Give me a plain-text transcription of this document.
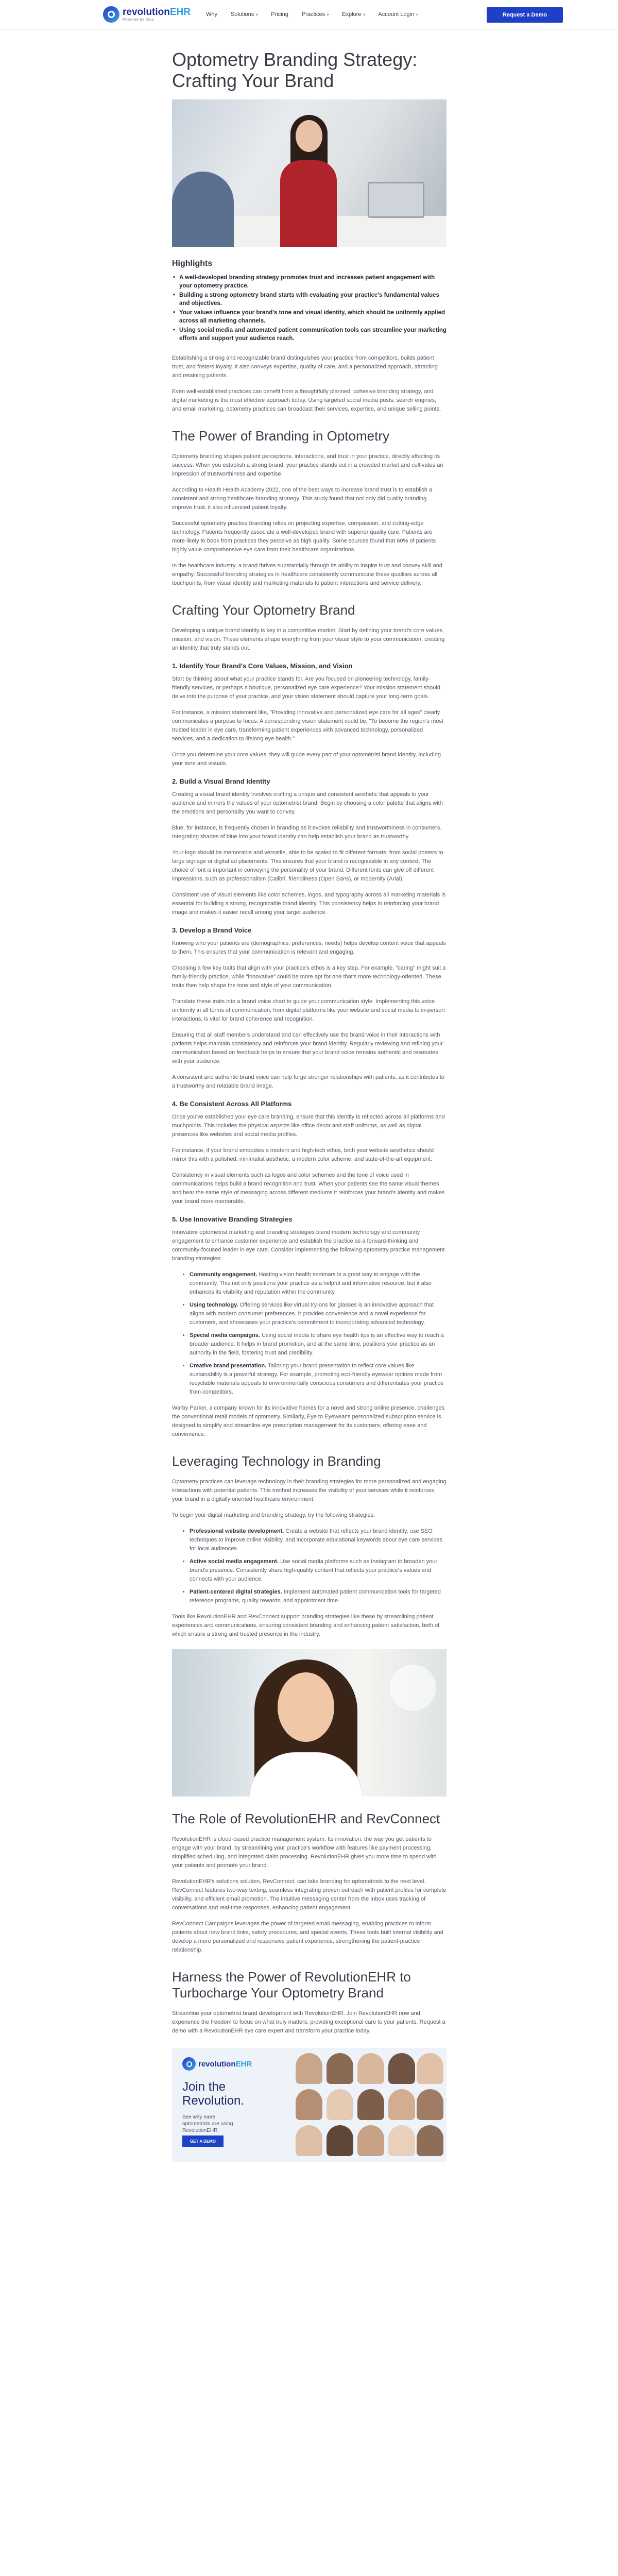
revolutionEHR
Powered by Data
Why Solutions ▾ Pricing Practices ▾ Explore ▾ Account Login ▾	Request a Demo
Optometry Branding Strategy: Crafting Your Brand
Highlights
• A well-developed branding strategy promotes trust and increases patient engagement with your optometry practice.
• Building a strong optometry brand starts with evaluating your practice's fundamental values and objectives.
• Your values influence your brand's tone and visual identity, which should be uniformly applied across all marketing channels.
• Using social media and automated patient communication tools can streamline your marketing efforts and support your audience reach.

Establishing a strong and recognizable brand distinguishes your practice from competitors, builds patient trust, and fosters loyalty. It also conveys expertise, quality of care, and a personalized approach, attracting and retaining patients.

Even well-established practices can benefit from a thoughtfully planned, cohesive branding strategy, and digital marketing is the most effective approach today. Using targeted social media posts, search engines, and email marketing, optometry practices can broadcast their services, expertise, and unique selling points.

The Power of Branding in Optometry

Optometry branding shapes patient perceptions, interactions, and trust in your practice, directly affecting its success. When you establish a strong brand, your practice stands out in a crowded market and cultivates an impression of trustworthiness and expertise.

According to Health Health Academy 2022, one of the best ways to increase brand trust is to establish a consistent and strong healthcare branding strategy. This study found that not only did quality branding improve trust, it also influenced patient loyalty.

Successful optometry practice branding relies on projecting expertise, compassion, and cutting-edge technology. Patients frequently associate a well-developed brand with superior quality care. Patients are more likely to book from practices they perceive as high quality. Some sources found that 60% of patients highly value comprehensive eye care from their healthcare organizations.

In the healthcare industry, a brand thrives substantially through its ability to inspire trust and convey skill and empathy. Successful branding strategies in healthcare consistently communicate these qualities across all touchpoints, from visual identity and marketing materials to patient interactions and service delivery.

Crafting Your Optometry Brand

Developing a unique brand identity is key in a competitive market. Start by defining your brand's core values, mission, and vision. These elements shape everything from your visual style to your communication, creating an identity that truly stands out.

1. Identify Your Brand's Core Values, Mission, and Vision

Start by thinking about what your practice stands for. Are you focused on pioneering technology, family-friendly services, or perhaps a boutique, personalized eye care experience? Your mission statement should delve into the purpose of your practice, and your vision statement should capture your long-term goals.

For instance, a mission statement like, "Providing innovative and personalized eye care for all ages" clearly communicates a purpose to focus. A corresponding vision statement could be, "To become the region's most trusted leader in eye care, transforming patient experiences with advanced technology, personalized services, and a dedication to lifelong eye health."

Once you determine your core values, they will guide every part of your optometrist brand identity, including your tone and visuals.

2. Build a Visual Brand Identity

Creating a visual brand identity involves crafting a unique and consistent aesthetic that appeals to your audience and mirrors the values of your optometrist brand. Begin by choosing a color palette that aligns with the emotions and personality you want to convey.

Blue, for instance, is frequently chosen in branding as it evokes reliability and trustworthiness in consumers. Integrating shades of blue into your brand identity can help establish your brand as trustworthy.

Your logo should be memorable and versatile, able to be scaled to fit different formats, from social posters to large signage or digital ad placements. This ensures that your brand is recognizable in any context. The choice of font is important in conveying the personality of your brand. Different fonts can give off different impressions, such as professionalism (Calibri, friendliness (Open Sans), or modernity (Arial).

Consistent use of visual elements like color schemes, logos, and typography across all marketing materials is essential for building a strong, recognizable brand identity. This consistency helps in reinforcing your brand image and makes it easier recall among your target audience.

3. Develop a Brand Voice

Knowing who your patients are (demographics, preferences, needs) helps develop content voice that appeals to them. This ensures that your communication is relevant and engaging.

Choosing a few key traits that align with your practice's ethos is a key step. For example, "caring" might suit a family-friendly practice, while "innovative" could be more apt for one that's more technology-oriented. These traits then help shape the tone and style of your communication.

Translate these traits into a brand voice chart to guide your communication style. Implementing this voice uniformly in all forms of communication, from digital platforms like your website and social media to in-person interactions, is vital for brand coherence and recognition.

Ensuring that all staff members understand and can effectively use the brand voice in their interactions with patients helps maintain consistency and reinforces your brand identity. Regularly reviewing and refining your communication based on feedback helps to ensure that your brand voice remains authentic and resonates with your audience.

A consistent and authentic brand voice can help forge stronger relationships with patients, as it contributes to a trustworthy and relatable brand image.

4. Be Consistent Across All Platforms

Once you've established your eye care branding, ensure that this identity is reflected across all platforms and touchpoints. This includes the physical aspects like office decor and staff uniforms, as well as digital presences like websites and social media profiles.

For instance, if your brand embodies a modern and high-tech ethos, both your website aesthetics should mirror this with a polished, minimalist aesthetic, a modern color scheme, and state-of-the-art equipment.

Consistency in visual elements such as logos and color schemes and the tone of voice used in communications helps build a brand recognition and trust. When your patients see the same visual themes and hear the same style of messaging across different mediums it reinforces your brand's identity and makes your brand more memorable.

5. Use Innovative Branding Strategies

Innovative optometrist marketing and branding strategies blend modern technology and community engagement to enhance customer experience and establish the practice as a forward-thinking and community-focused leader in eye care. Consider implementing the following optometry practice management branding strategies:

• Community engagement. Hosting vision health seminars is a great way to engage with the community. This not only positions your practice as a helpful and informative resource, but it also enhances its visibility and reputation within the community.
• Using technology. Offering services like virtual try-ons for glasses is an innovative approach that aligns with modern consumer preferences. It provides convenience and a novel experience for customers, and showcases your practice's commitment to incorporating advanced technology.
• Special media campaigns. Using social media to share eye health tips is an effective way to reach a broader audience. It helps in brand promotion, and at the same time, positions your practice as an authority in the field, fostering trust and credibility.
• Creative brand presentation. Tailoring your brand presentation to reflect core values like sustainability is a powerful strategy. For example, promoting eco-friendly eyewear options made from recyclable materials appeals to environmentally conscious consumers and differentiates your practice from competitors.

Warby Parker, a company known for its innovative frames for a novel and strong online presence, challenges the conventional retail models of optometry. Similarly, Eye to Eyewear's personalized subscription service is designed to simplify and streamline eye prescription management for its customers, offering ease and convenience.

Leveraging Technology in Branding

Optometry practices can leverage technology in their branding strategies for more personalized and engaging interactions with potential patients. This method increases the visibility of your services while it reinforces your brand in a digitally oriented healthcare environment.

To begin your digital marketing and branding strategy, try the following strategies:

• Professional website development. Create a website that reflects your brand identity, use SEO techniques to improve online visibility, and incorporate educational keywords about eye care services for local audiences.
• Active social media engagement. Use social media platforms such as Instagram to broaden your brand's presence. Consistently share high-quality content that reflects your practice's values and connects with your audience.
• Patient-centered digital strategies. Implement automated patient communication tools for targeted reference programs, quality rewards, and appointment time.

Tools like RevolutionEHR and RevConnect support branding strategies like these by streamlining patient experiences and communications, ensuring consistent branding and enhancing patient satisfaction, both of which ensure a strong and trusted presence in the industry.

The Role of RevolutionEHR and RevConnect

RevolutionEHR is cloud-based practice management system. Its innovation: the way you get patients to engage with your brand, by streamlining your practice's workflow with features like payment processing, simplified scheduling, and integrated claim processing. RevolutionEHR gives you more time to spend with your patients and promote your brand.

RevolutionEHR's solutions solution, RevConnect, can take branding for optometrists to the next level. RevConnect features two-way texting, seamless integrating proven outreach with patient profiles for complete visibility, and efficient email promotion. The intuitive messaging center from the Inbox uses tracking of conversations and real-time responses, enhancing patient engagement.

RevConnect Campaigns leverages the power of targeted email messaging, enabling practices to inform patients about new brand links, safety procedures, and special events. These tools built internal visibility and develop a more personalized and responsive patient experience, strengthening the patient-practice relationship.

Harness the Power of RevolutionEHR to Turbocharge Your Optometry Brand

Streamline your optometrist brand development with RevolutionEHR. Join RevolutionEHR now and experience the freedom to focus on what truly matters: providing exceptional care to your patients. Request a demo with a RevolutionEHR eye care expert and transform your practice today.

revolutionEHR
Join the
Revolution.
See why more optometrists are using RevolutionEHR
GET A DEMO
